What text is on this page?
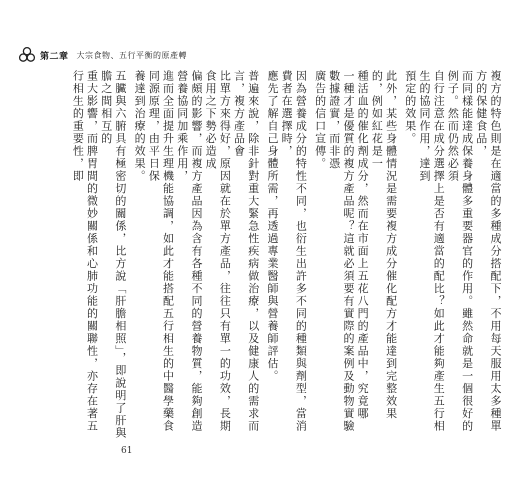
第二章 大宗食物、五行平衡的原產轉
複方的特色則是在適當的多種成分搭配下，不用每天服用太多種單方的保健食品，
而同樣能達成保養身體多重要器官的作用。雖然命就是一個很好的例子。然而仍然必須
自行注意在成分選擇上是否有適當的配比？如此才能夠產生五行相生的協同作用，達到
預定的效果。
此外，某些身體情況是需要複方成分催化配方才能達到完整效果的，例如紅花是一
種活血的催化劑成分，然而在市面上五花八門的產品中，究竟哪
一種才是優質的複方產品呢？這就必須要有實際的案例及動物實驗數據證實，而非憑
廣告的信口宣傳。
因為營養成分的特性不同，也衍生出許多不同的種類與劑型，當消費者在選擇時，
應先了解自己身體所需，再透過專業醫師與營養師評估。
普遍來說，除非針對重大緊急性疾病做治療，以及健康人的需求而言，複方產品會
比單方來得好，原因就在於單方產品，往往只有單一的功效，長期食用之下勢必造成
偏頗的影響，而複方產品因為含有各種不同的營養物質，能夠創造營養協同加乘作用，
進而全面提升生理機能協調，如此才能搭配五行相生的中醫學藥食同源原理，由平日保
養達到治療的效果。
五臟與六腑具有極密切的關係，比方說「肝膽相照」，即說明了肝與膽之間相互的
重大影響，而脾胃間的微妙關係和心肺功能的關聯性，亦存在著五行相生的重要性，即
61
